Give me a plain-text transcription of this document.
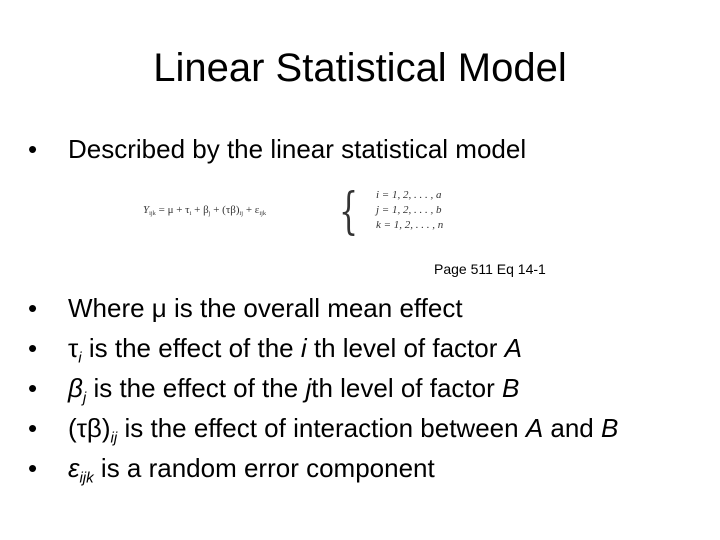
Linear Statistical Model
• Described by the linear statistical model
$Y_{ijk} = \mu + \tau_i + \beta_j + (\tau\beta)_{ij} + \varepsilon_{ijk}$ { i = 1, 2, . . . , a
j = 1, 2, . . . , b
k = 1, 2, . . . , n
Page 511 Eq 14-1
• Where μ is the overall mean effect
• $\tau_i$ is the effect of the i th level of factor A
• $\beta_j$ is the effect of the jth level of factor B
• $(\tau\beta)_{ij}$ is the effect of interaction between A and B
• $\varepsilon_{ijk}$ is a random error component
